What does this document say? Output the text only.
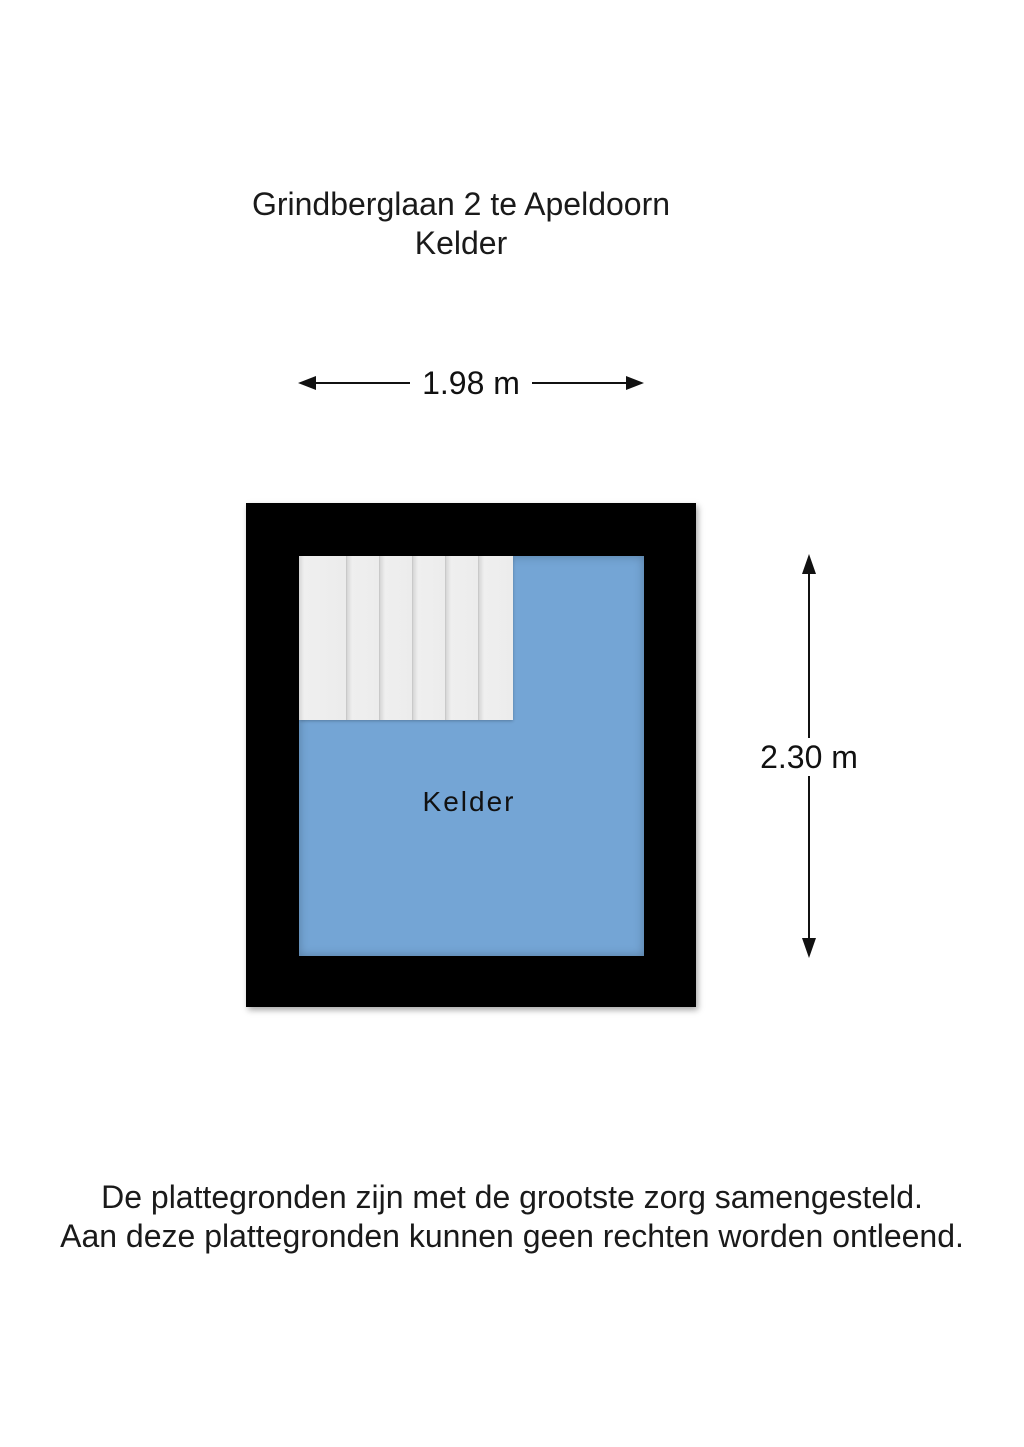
Grindberglaan 2 te Apeldoorn
Kelder
1.98 m
Kelder
2.30 m
De plattegronden zijn met de grootste zorg samengesteld.
Aan deze plattegronden kunnen geen rechten worden ontleend.
